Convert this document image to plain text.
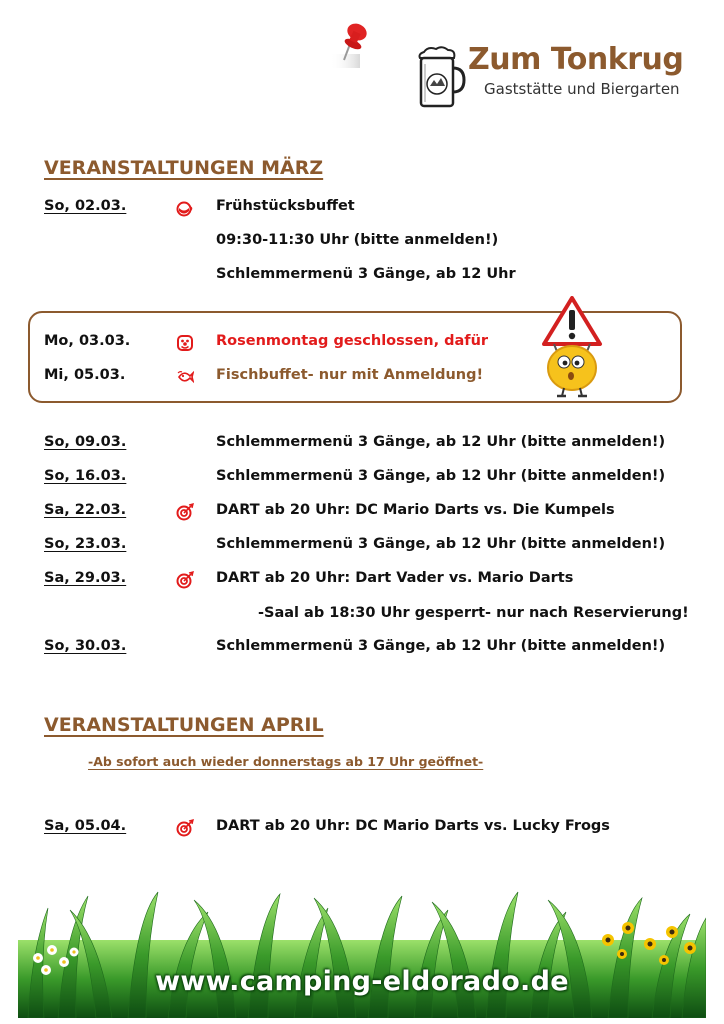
Zum Tonkrug
Gaststätte und Biergarten
VERANSTALTUNGEN MÄRZ
So, 02.03.	Frühstücksbuffet
09:30-11:30 Uhr (bitte anmelden!)
Schlemmermenü 3 Gänge, ab 12 Uhr
Mo, 03.03.	Rosenmontag geschlossen, dafür
Mi, 05.03.	Fischbuffet- nur mit Anmeldung!
So, 09.03.	Schlemmermenü 3 Gänge, ab 12 Uhr (bitte anmelden!)
So, 16.03.	Schlemmermenü 3 Gänge, ab 12 Uhr (bitte anmelden!)
Sa, 22.03.	DART ab 20 Uhr: DC Mario Darts vs. Die Kumpels
So, 23.03.	Schlemmermenü 3 Gänge, ab 12 Uhr (bitte anmelden!)
Sa, 29.03.	DART ab 20 Uhr: Dart Vader vs. Mario Darts
-Saal ab 18:30 Uhr gesperrt- nur nach Reservierung!
So, 30.03.	Schlemmermenü 3 Gänge, ab 12 Uhr (bitte anmelden!)
VERANSTALTUNGEN APRIL
-Ab sofort auch wieder donnerstags ab 17 Uhr geöffnet-
Sa, 05.04.	DART ab 20 Uhr: DC Mario Darts vs. Lucky Frogs
www.camping-eldorado.de
